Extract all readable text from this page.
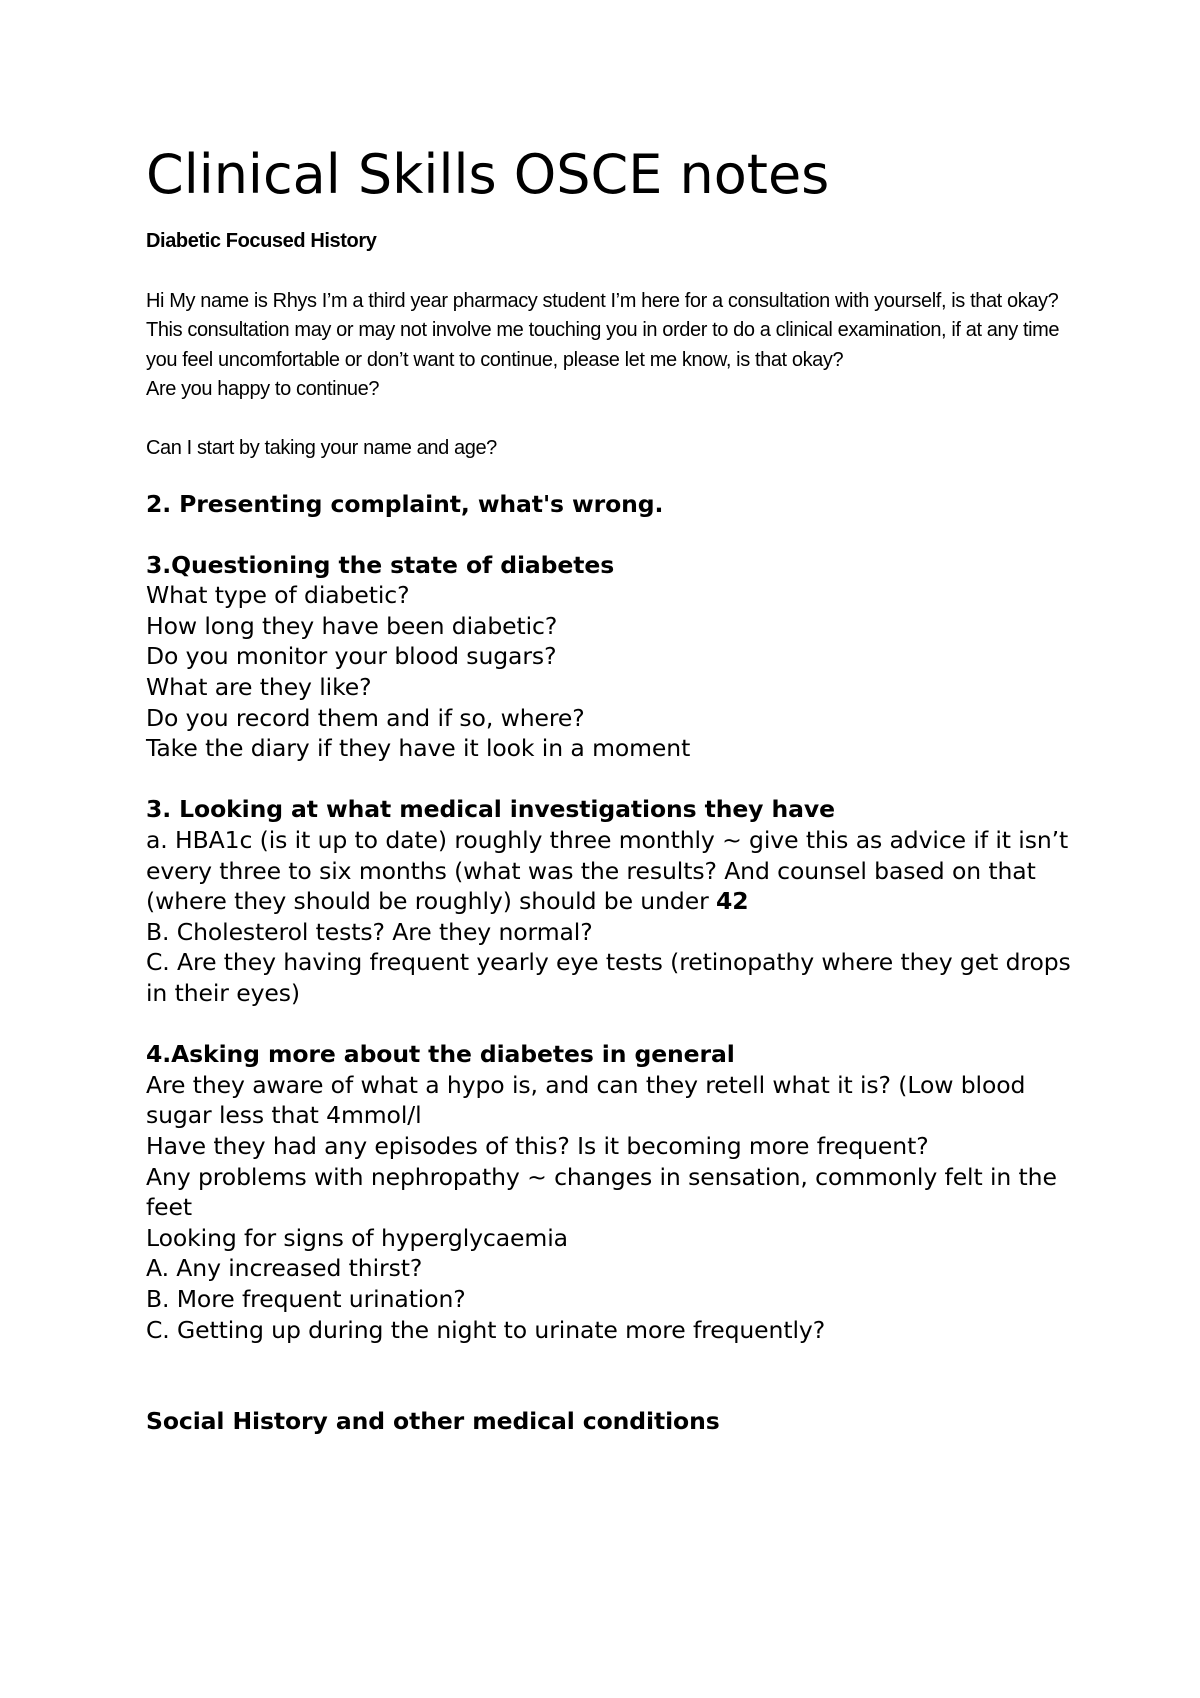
Clinical Skills OSCE notes

Diabetic Focused History

Hi My name is Rhys I’m a third year pharmacy student I’m here for a consultation with yourself, is that okay?

This consultation may or may not involve me touching you in order to do a clinical examination, if at any time you feel uncomfortable or don’t want to continue, please let me know, is that okay?

Are you happy to continue?

Can I start by taking your name and age?

2. Presenting complaint, what's wrong.

3.Questioning the state of diabetes

What type of diabetic?

How long they have been diabetic?

Do you monitor your blood sugars?

What are they like?

Do you record them and if so, where?

Take the diary if they have it look in a moment

3. Looking at what medical investigations they have

a. HBA1c (is it up to date) roughly three monthly ~ give this as advice if it isn’t every three to six months (what was the results? And counsel based on that (where they should be roughly) should be under 42

B. Cholesterol tests? Are they normal?

C. Are they having frequent yearly eye tests (retinopathy where they get drops in their eyes)

4.Asking more about the diabetes in general

Are they aware of what a hypo is, and can they retell what it is? (Low blood sugar less that 4mmol/l

Have they had any episodes of this? Is it becoming more frequent?

Any problems with nephropathy ~ changes in sensation, commonly felt in the feet

Looking for signs of hyperglycaemia

A. Any increased thirst?

B. More frequent urination?

C. Getting up during the night to urinate more frequently?

Social History and other medical conditions
